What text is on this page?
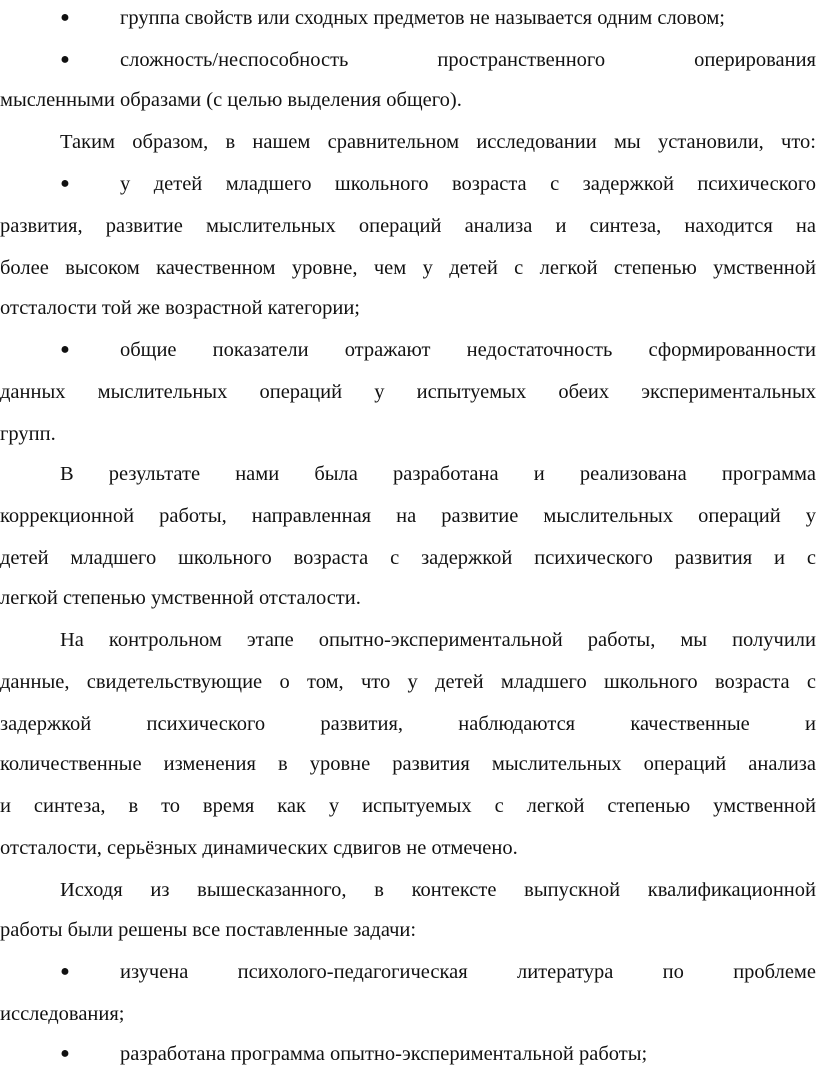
● группа свойств или сходных предметов не называется одним словом;
● сложность/неспособность пространственного оперирования
мысленными образами (с целью выделения общего).
Таким образом, в нашем сравнительном исследовании мы установили, что:
● у детей младшего школьного возраста с задержкой психического
развития, развитие мыслительных операций анализа и синтеза, находится на
более высоком качественном уровне, чем у детей с легкой степенью умственной
отсталости той же возрастной категории;
● общие показатели отражают недостаточность сформированности
данных мыслительных операций у испытуемых обеих экспериментальных
групп.
В результате нами была разработана и реализована программа
коррекционной работы, направленная на развитие мыслительных операций у
детей младшего школьного возраста с задержкой психического развития и с
легкой степенью умственной отсталости.
На контрольном этапе опытно-экспериментальной работы, мы получили
данные, свидетельствующие о том, что у детей младшего школьного возраста с
задержкой психического развития, наблюдаются качественные и
количественные изменения в уровне развития мыслительных операций анализа
и синтеза, в то время как у испытуемых с легкой степенью умственной
отсталости, серьёзных динамических сдвигов не отмечено.
Исходя из вышесказанного, в контексте выпускной квалификационной
работы были решены все поставленные задачи:
● изучена психолого-педагогическая литература по проблеме
исследования;
● разработана программа опытно-экспериментальной работы;
